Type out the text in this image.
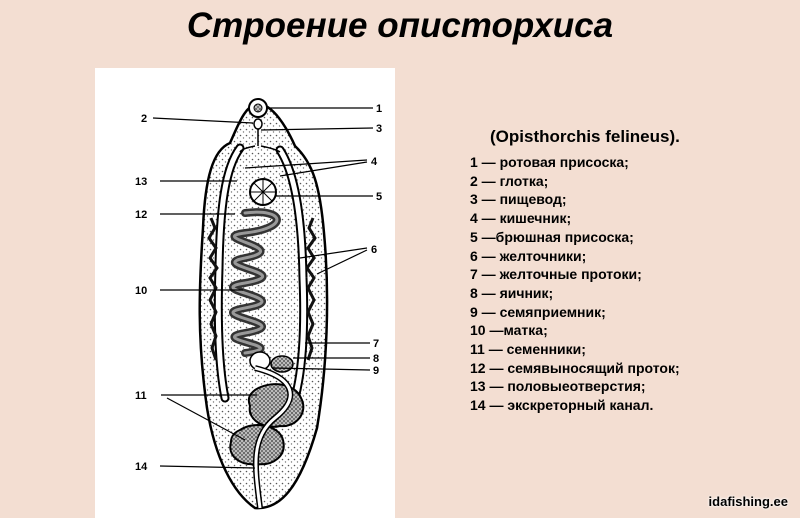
Строение описторхиса
1
2
3
4
5
6
7
8
9
10
11
12
13
14
(Opisthorchis felineus).
1 — ротовая присоска;
2 — глотка;
3 — пищевод;
4 — кишечник;
5 —брюшная присоска;
6 — желточники;
7 — желточные протоки;
8 — яичник;
9 — семяприемник;
10 —матка;
11 — семенники;
12 — семявыносящий проток;
13 — половыеотверстия;
14 — экскреторный канал.
idafishing.ee
